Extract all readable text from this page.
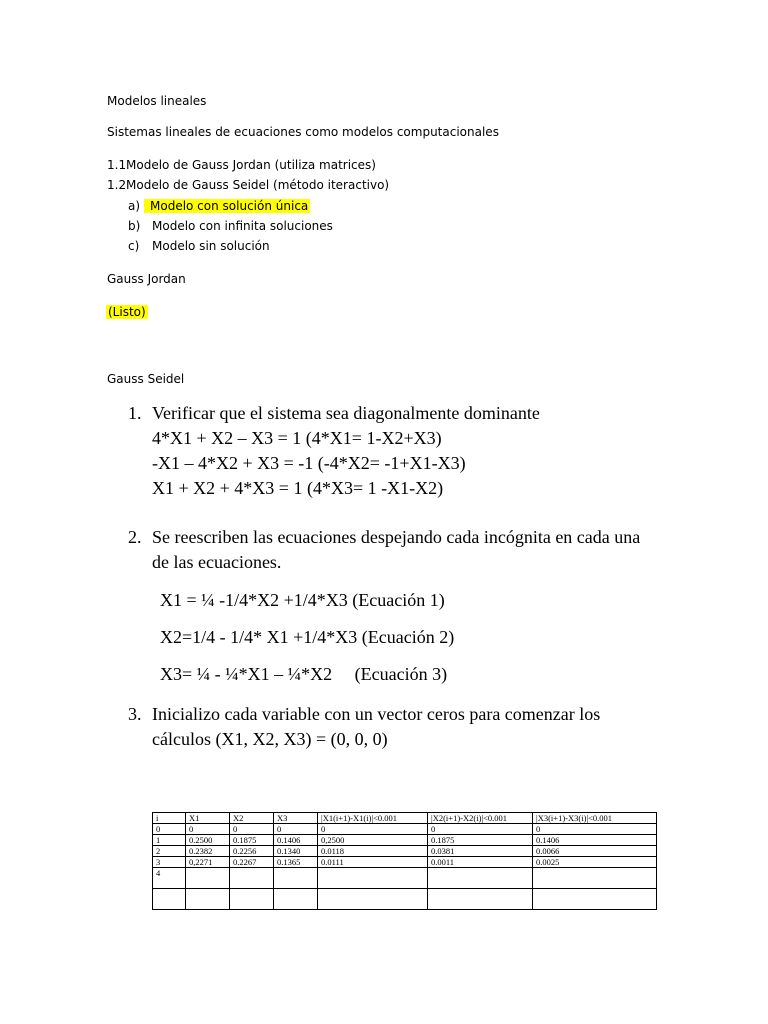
Modelos lineales
Sistemas lineales de ecuaciones como modelos computacionales
1.1 Modelo de Gauss Jordan (utiliza matrices)
1.2 Modelo de Gauss Seidel (método iteractivo)
a) Modelo con solución única
b) Modelo con infinita soluciones
c) Modelo sin solución
Gauss Jordan
(Listo)
Gauss Seidel
1. Verificar que el sistema sea diagonalmente dominante
4*X1 + X2 – X3 = 1 (4*X1= 1-X2+X3)
-X1 – 4*X2 + X3 = -1 (-4*X2= -1+X1-X3)
X1 + X2 + 4*X3 = 1 (4*X3= 1 -X1-X2)
2. Se reescriben las ecuaciones despejando cada incógnita en cada una
de las ecuaciones.
X1 = ¼ -1/4*X2 +1/4*X3 (Ecuación 1)
X2=1/4 - 1/4* X1 +1/4*X3 (Ecuación 2)
X3= ¼ - ¼*X1 – ¼*X2     (Ecuación 3)
3. Inicializo cada variable con un vector ceros para comenzar los
cálculos (X1, X2, X3) = (0, 0, 0)
i	X1	X2	X3	|X1(i+1)-X1(i)|<0.001	|X2(i+1)-X2(i)|<0.001	|X3(i+1)-X3(i)|<0.001
0	0	0	0	0	0	0
1	0.2500	0.1875	0.1406	0,2500	0.1875	0.1406
2	0.2382	0.2256	0.1340	0.0118	0.0381	0.0066
3	0,2271	0.2267	0.1365	0.0111	0.0011	0.0025
4						
